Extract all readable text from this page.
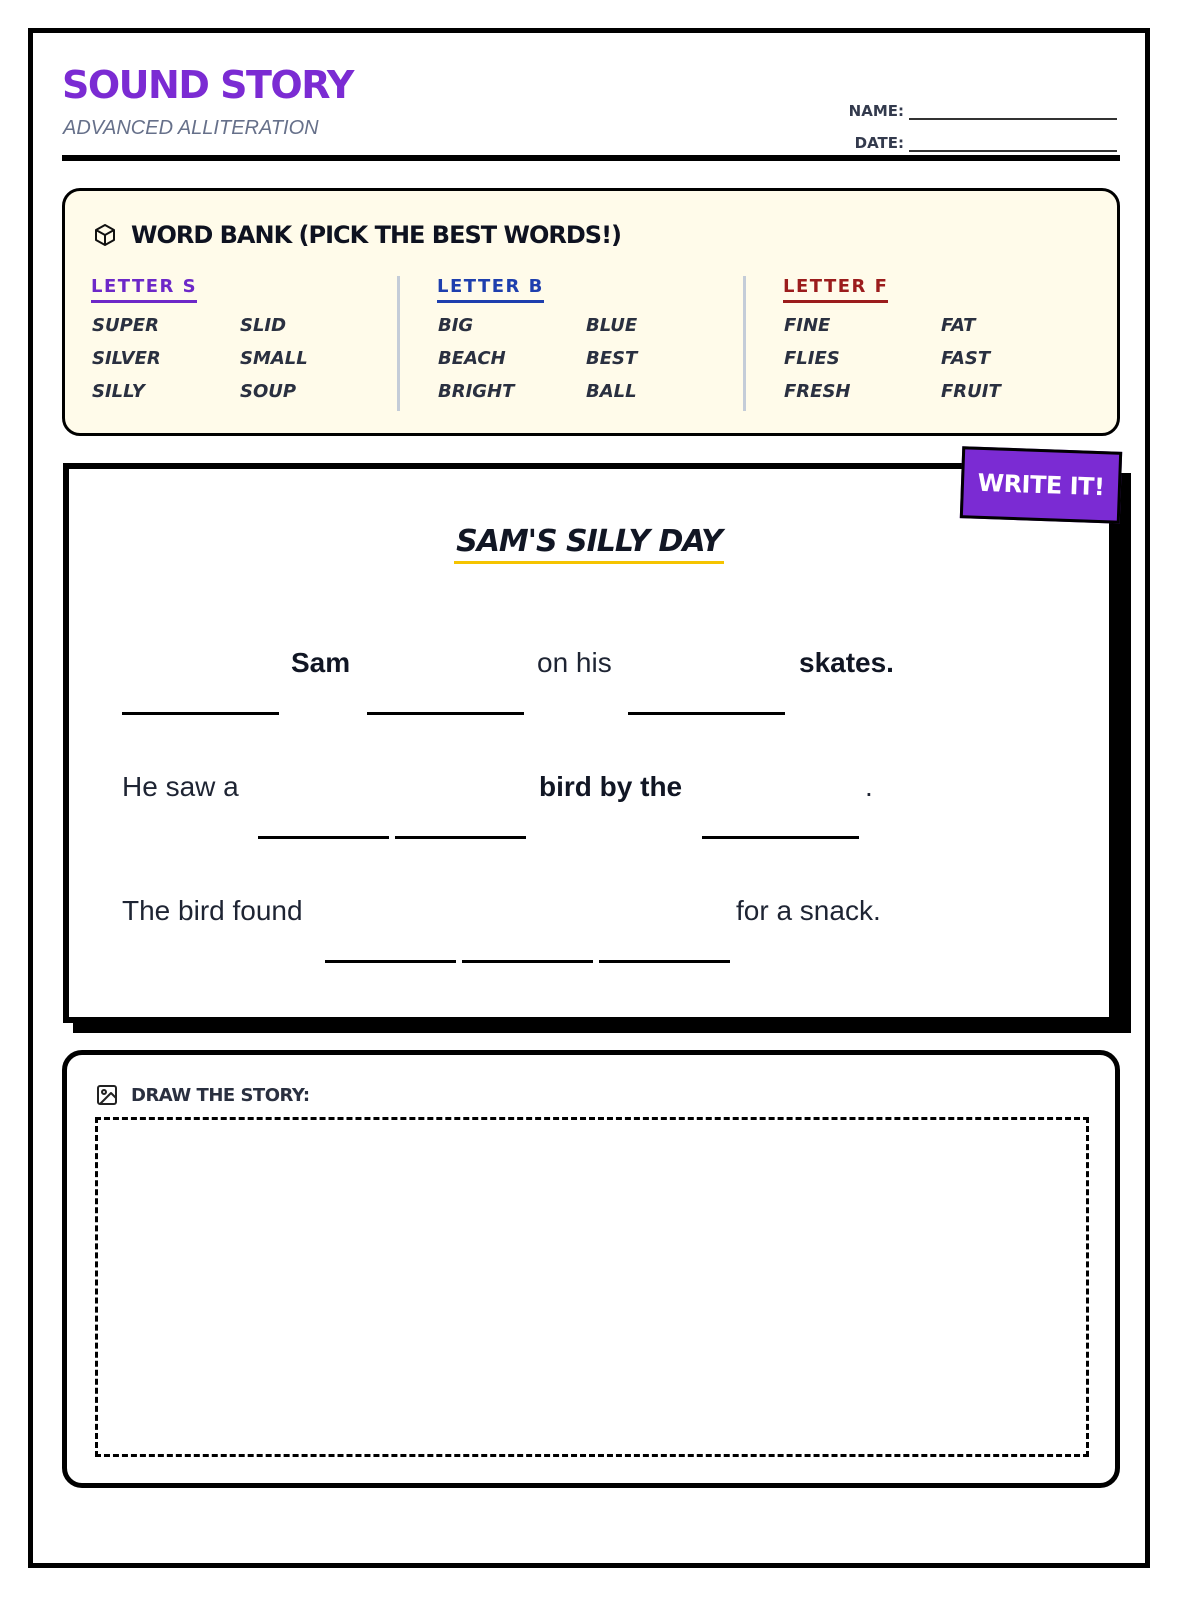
SOUND STORY
ADVANCED ALLITERATION
NAME:
DATE:
WORD BANK (PICK THE BEST WORDS!)
LETTER S
SUPER	SLID
SILVER	SMALL
SILLY	SOUP
LETTER B
BIG	BLUE
BEACH	BEST
BRIGHT	BALL
LETTER F
FINE	FAT
FLIES	FAST
FRESH	FRUIT
SAM'S SILLY DAY
Sam	on his	skates.
He saw a	bird by the	.
The bird found	for a snack.
WRITE IT!
DRAW THE STORY:
